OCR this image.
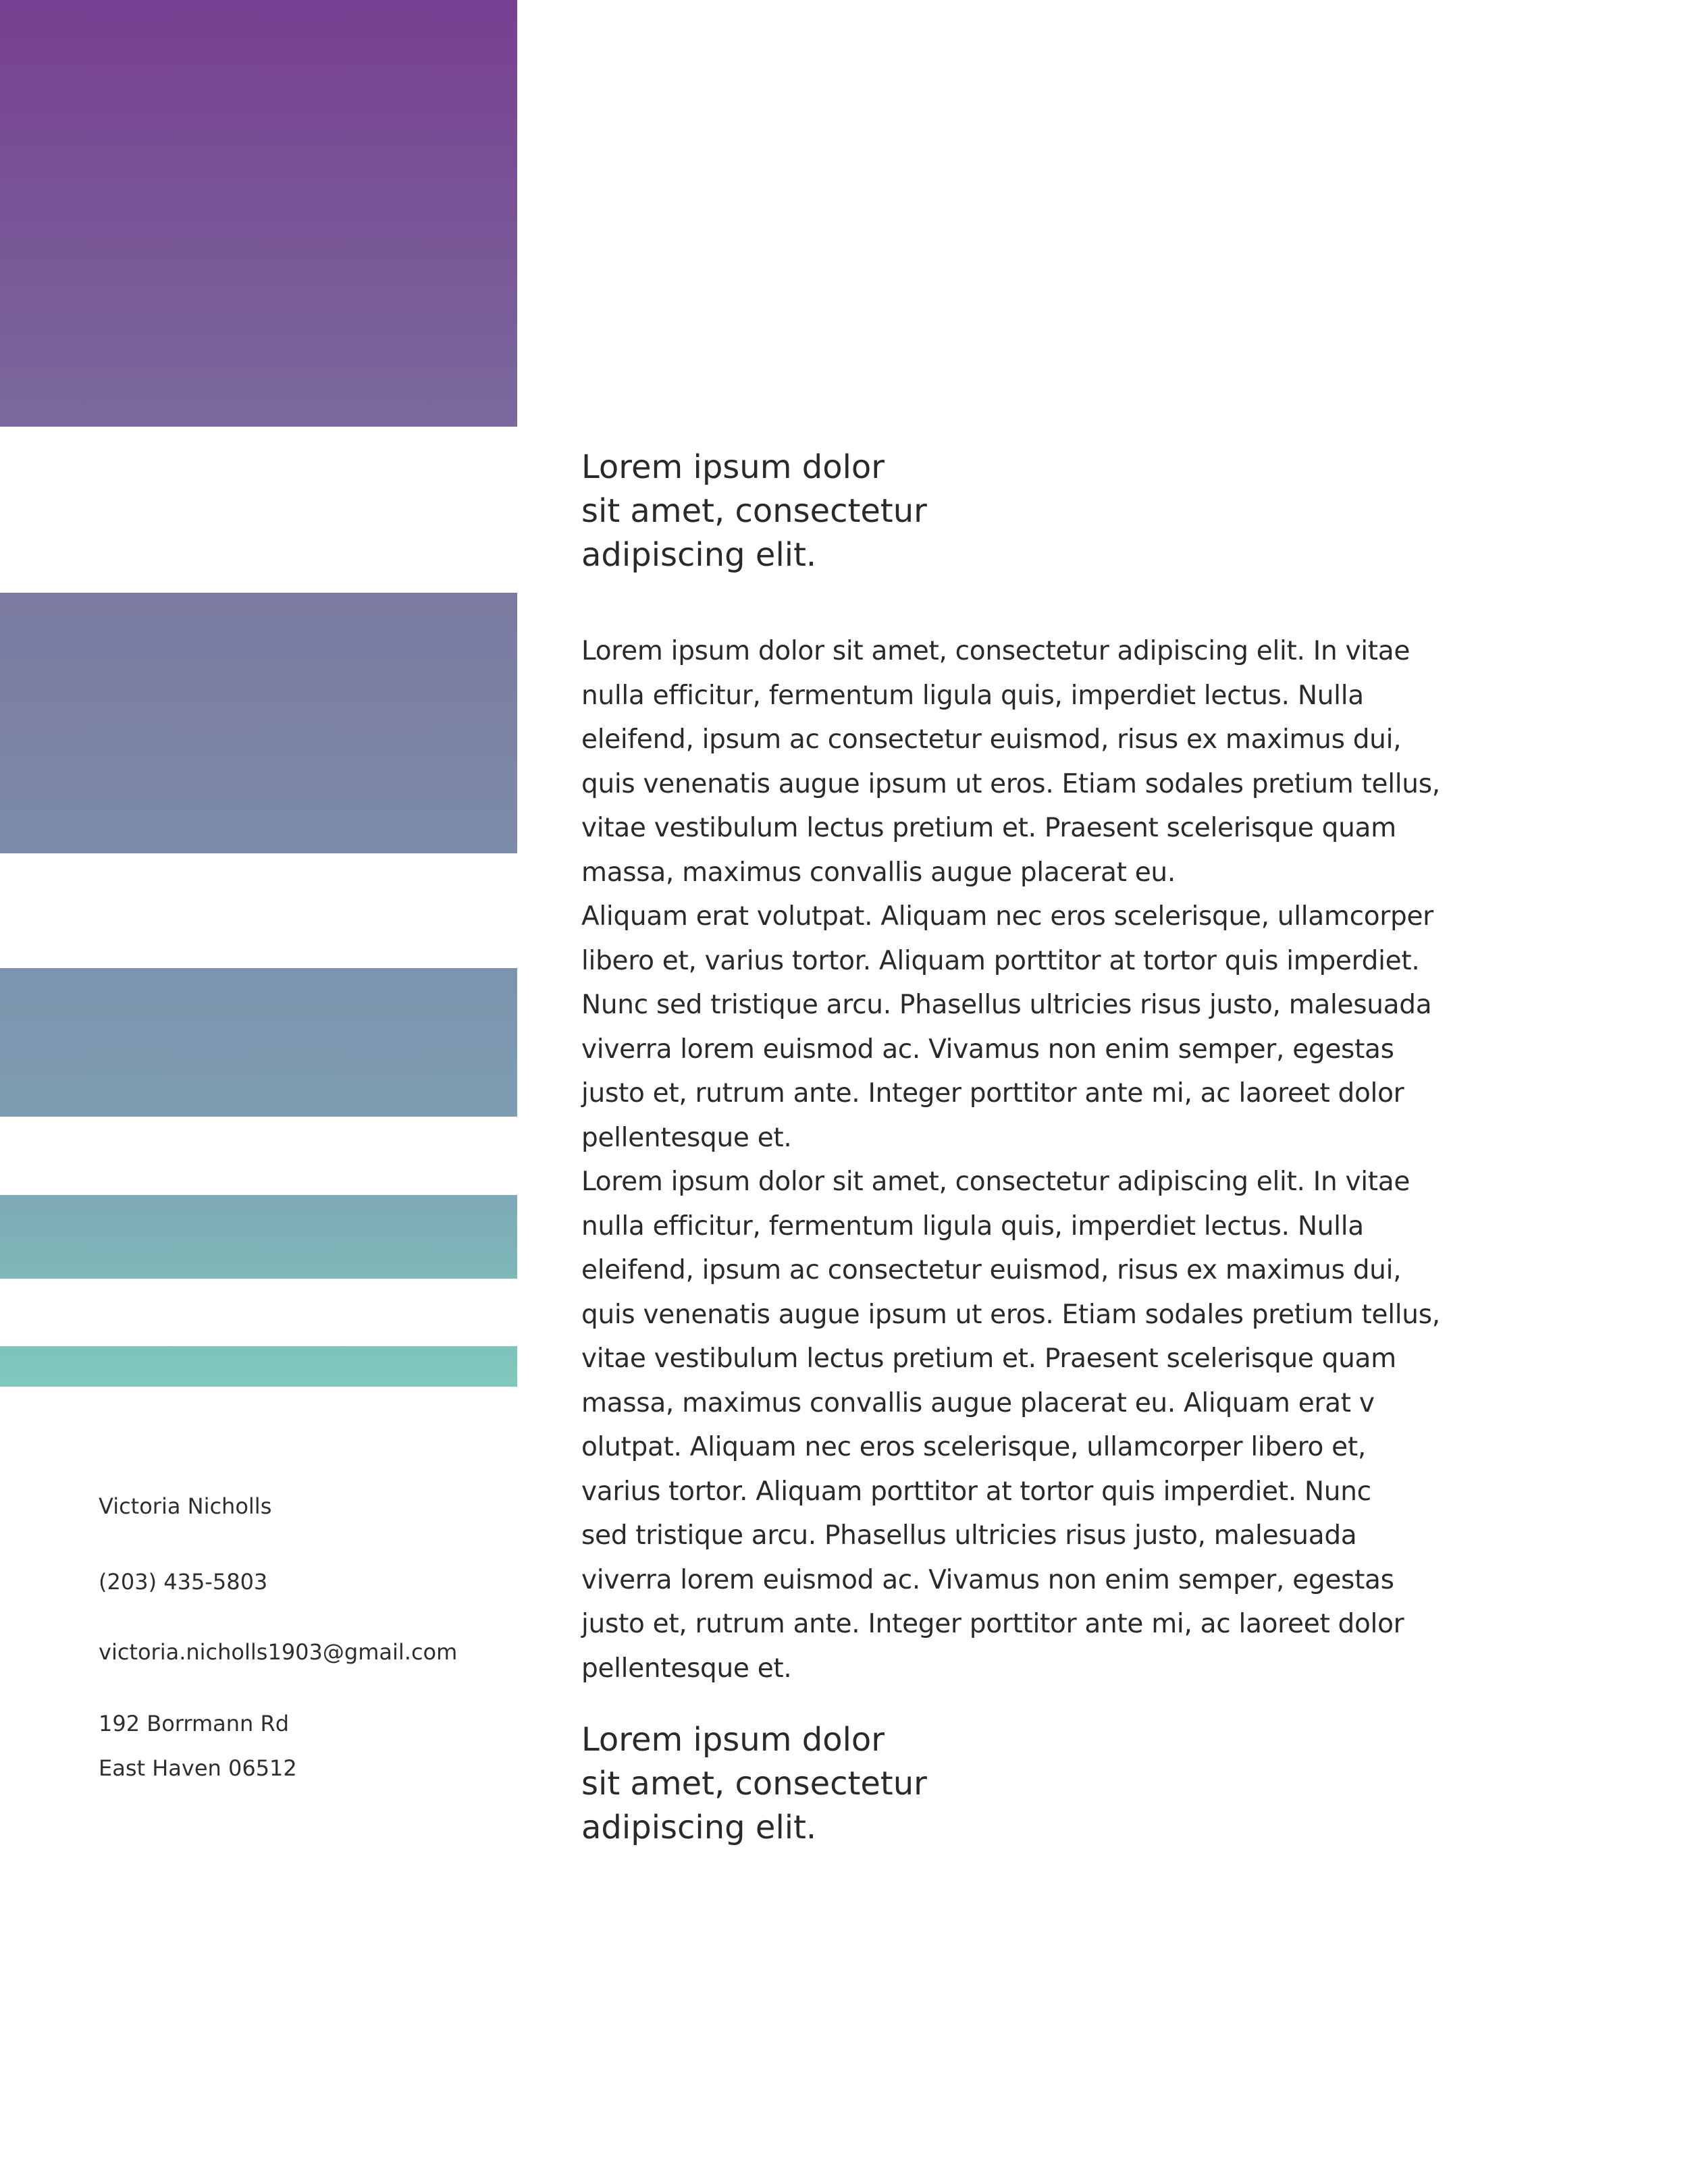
Victoria Nicholls
(203) 435-5803
victoria.nicholls1903@gmail.com
192 Borrmann Rd
East Haven 06512
Lorem ipsum dolor
sit amet, consectetur
adipiscing elit.

Lorem ipsum dolor sit amet, consectetur adipiscing elit. In vitae
nulla efficitur, fermentum ligula quis, imperdiet lectus. Nulla
eleifend, ipsum ac consectetur euismod, risus ex maximus dui,
quis venenatis augue ipsum ut eros. Etiam sodales pretium tellus,
vitae vestibulum lectus pretium et. Praesent scelerisque quam
massa, maximus convallis augue placerat eu.

Aliquam erat volutpat. Aliquam nec eros scelerisque, ullamcorper
libero et, varius tortor. Aliquam porttitor at tortor quis imperdiet.
Nunc sed tristique arcu. Phasellus ultricies risus justo, malesuada
viverra lorem euismod ac. Vivamus non enim semper, egestas
justo et, rutrum ante. Integer porttitor ante mi, ac laoreet dolor
pellentesque et.

Lorem ipsum dolor sit amet, consectetur adipiscing elit. In vitae
nulla efficitur, fermentum ligula quis, imperdiet lectus. Nulla
eleifend, ipsum ac consectetur euismod, risus ex maximus dui,
quis venenatis augue ipsum ut eros. Etiam sodales pretium tellus,
vitae vestibulum lectus pretium et. Praesent scelerisque quam
massa, maximus convallis augue placerat eu. Aliquam erat v
olutpat. Aliquam nec eros scelerisque, ullamcorper libero et,
varius tortor. Aliquam porttitor at tortor quis imperdiet. Nunc
sed tristique arcu. Phasellus ultricies risus justo, malesuada
viverra lorem euismod ac. Vivamus non enim semper, egestas
justo et, rutrum ante. Integer porttitor ante mi, ac laoreet dolor
pellentesque et.

Lorem ipsum dolor
sit amet, consectetur
adipiscing elit.
